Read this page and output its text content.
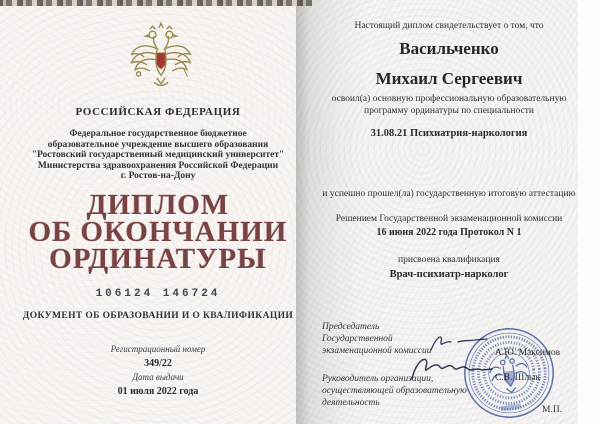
РОССИЙСКАЯ ФЕДЕРАЦИЯ
Федеральное государственное бюджетное
образовательное учреждение высшего образования
"Ростовский государственный медицинский университет"
Министерства здравоохранения Российской Федерации
г. Ростов-на-Дону
ДИПЛОМ
ОБ ОКОНЧАНИИ
ОРДИНАТУРЫ
106124 146724
ДОКУМЕНТ ОБ ОБРАЗОВАНИИ И О КВАЛИФИКАЦИИ
Регистрационный номер
349/22
Дата выдачи
01 июля 2022 года
Настоящий диплом свидетельствует о том, что
Васильченко
Михаил Сергеевич
освоил(а) основную профессиональную образовательную
программу ординатуры по специальности
31.08.21 Психиатрия-наркология
и успешно прошел(ла) государственную итоговую аттестацию
Решением Государственной экзаменационной комиссии
16 июня 2022 года Протокол N 1
присвоена квалификация
Врач-психиатр-нарколог
Председатель
Государственной
экзаменационной комиссии	А.Ю. Максимов
Руководитель организации,
осуществляющей образовательную
деятельность
С.В. Шлык
М.П.
